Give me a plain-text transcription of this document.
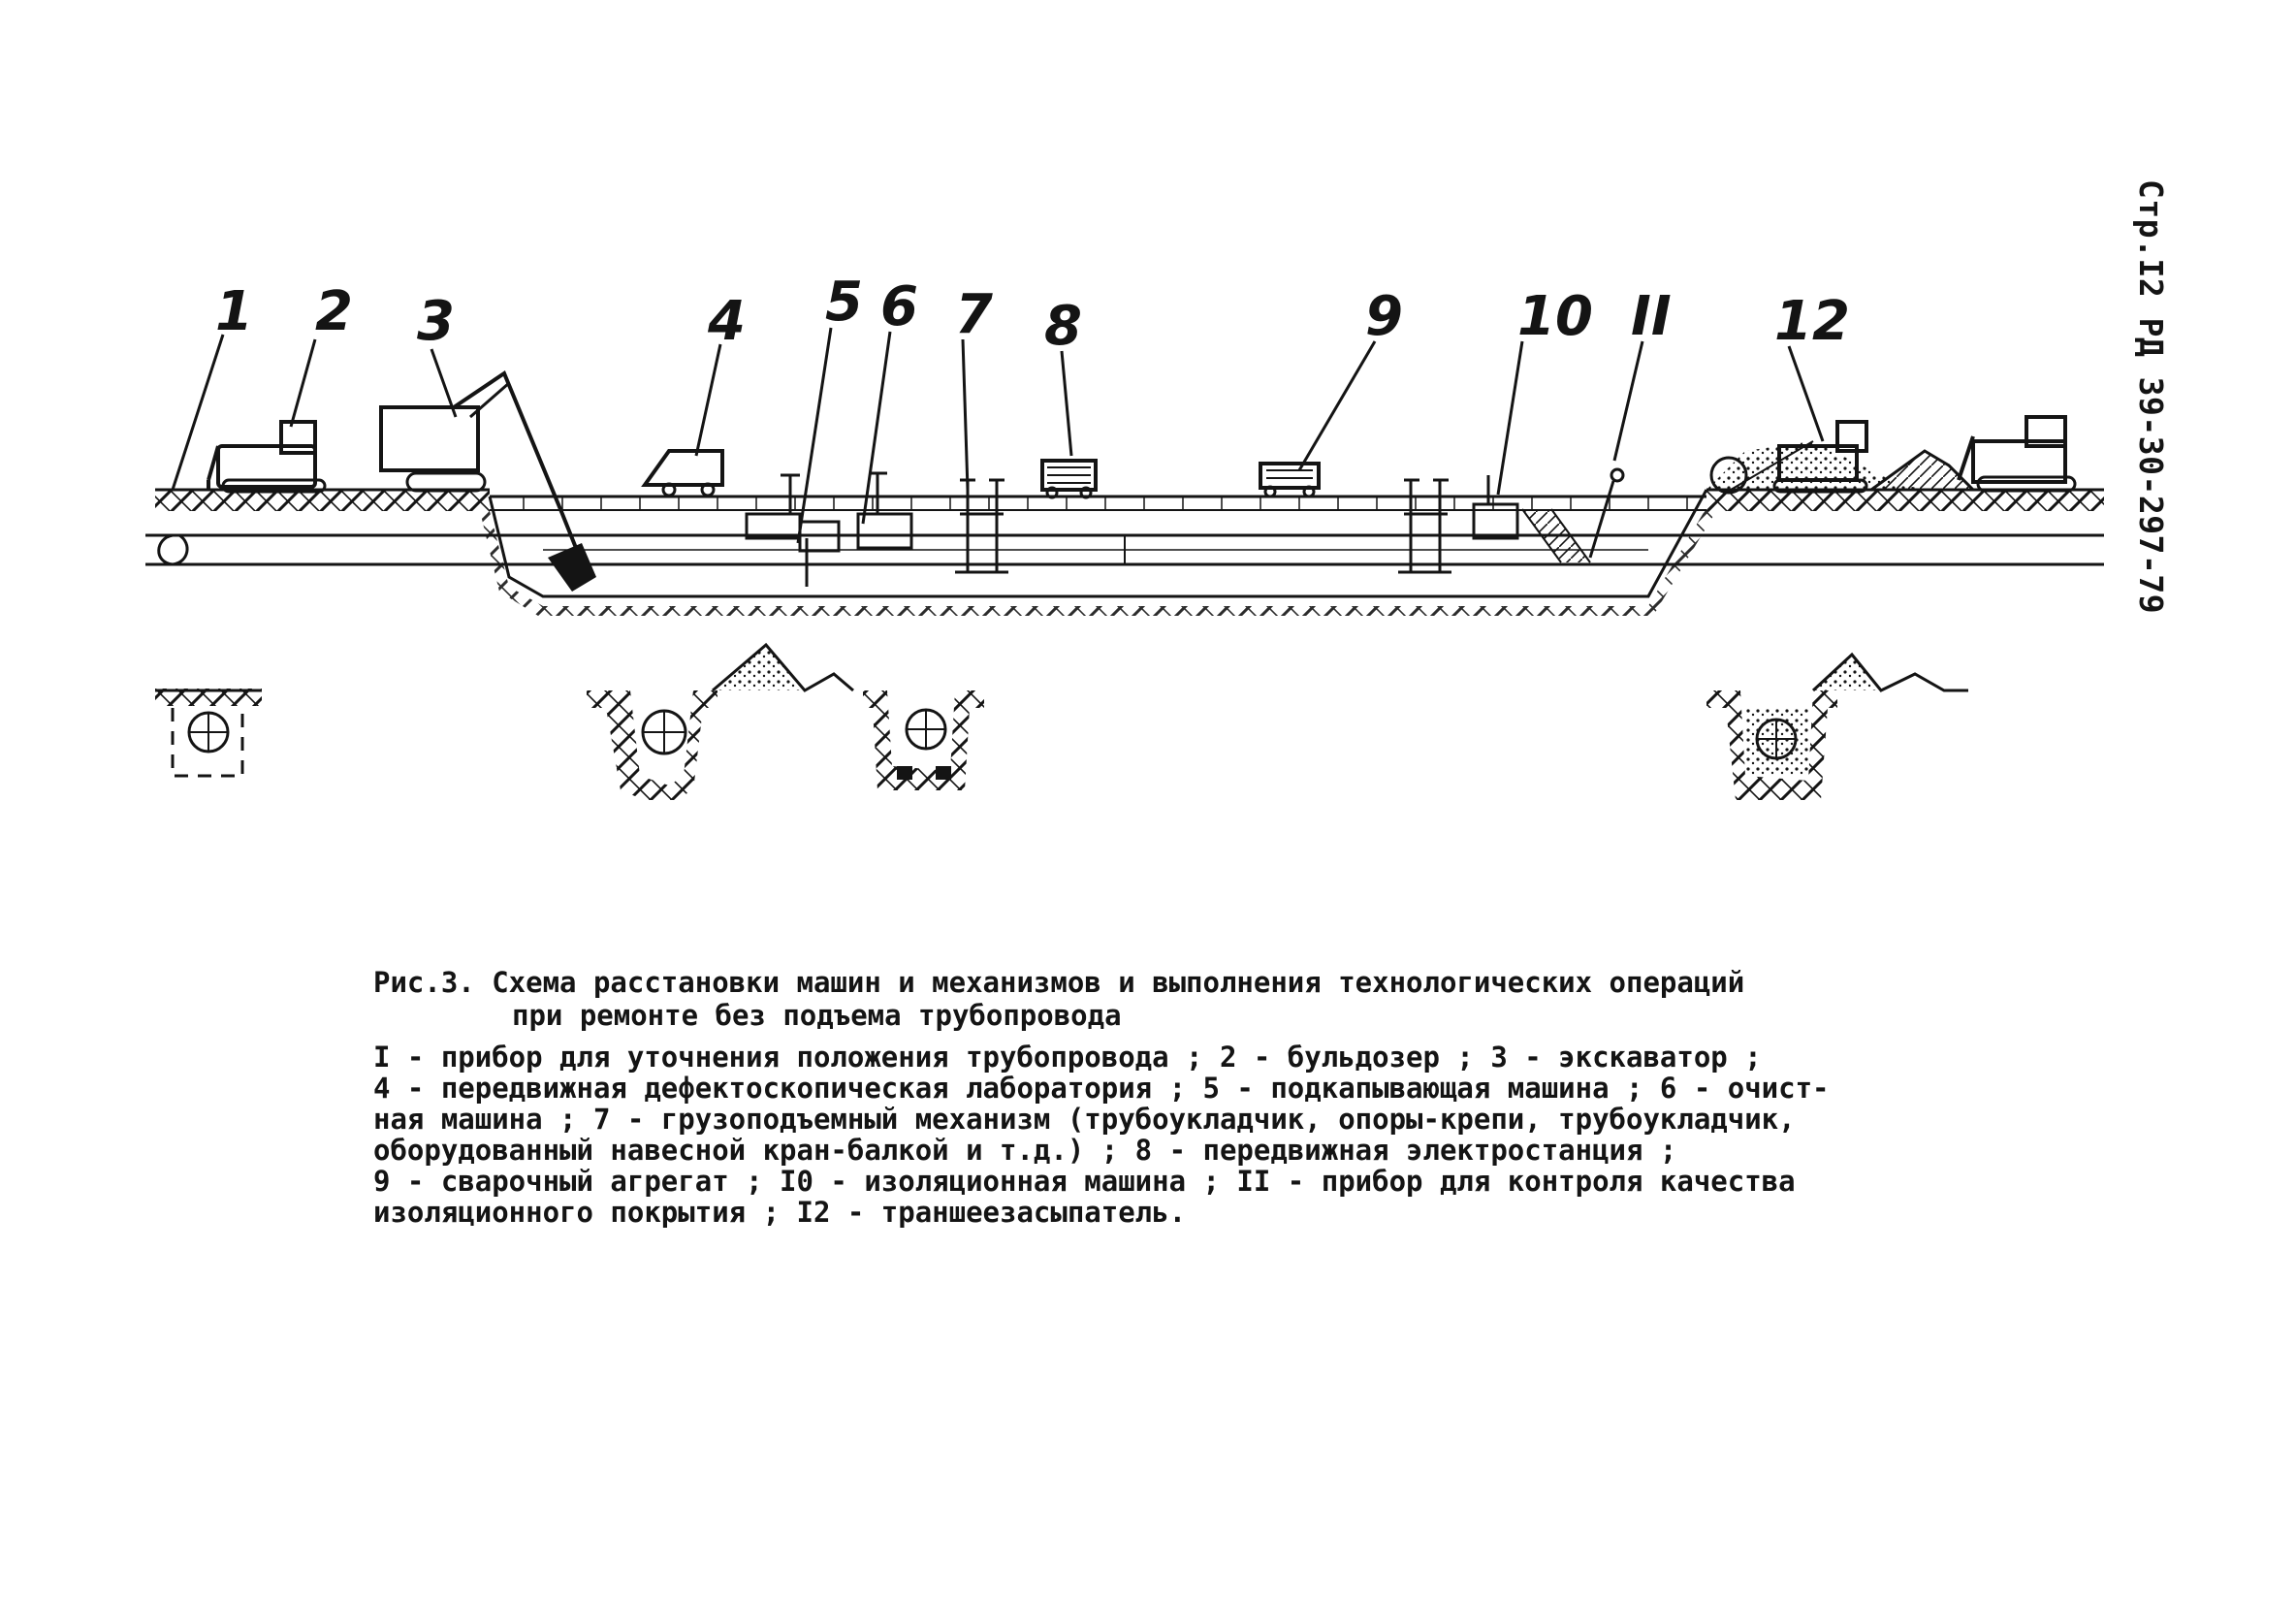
1 2 3	4 5 6 7 8	9 10 II 12	Стр.I2 РД 39-30-297-79

Рис.3. Схема расстановки машин и механизмов и выполнения технологических операций

при ремонте без подъема трубопровода

I - прибор для уточнения положения трубопровода ; 2 - бульдозер ; 3 - экскаватор ;

4 - передвижная дефектоскопическая лаборатория ; 5 - подкапывающая машина ; 6 - очист-

ная машина ; 7 - грузоподъемный механизм (трубоукладчик, опоры-крепи, трубоукладчик,

оборудованный навесной кран-балкой и т.д.) ; 8 - передвижная электростанция ;

9 - сварочный агрегат ; I0 - изоляционная машина ; II - прибор для контроля качества

изоляционного покрытия ; I2 - траншеезасыпатель.
